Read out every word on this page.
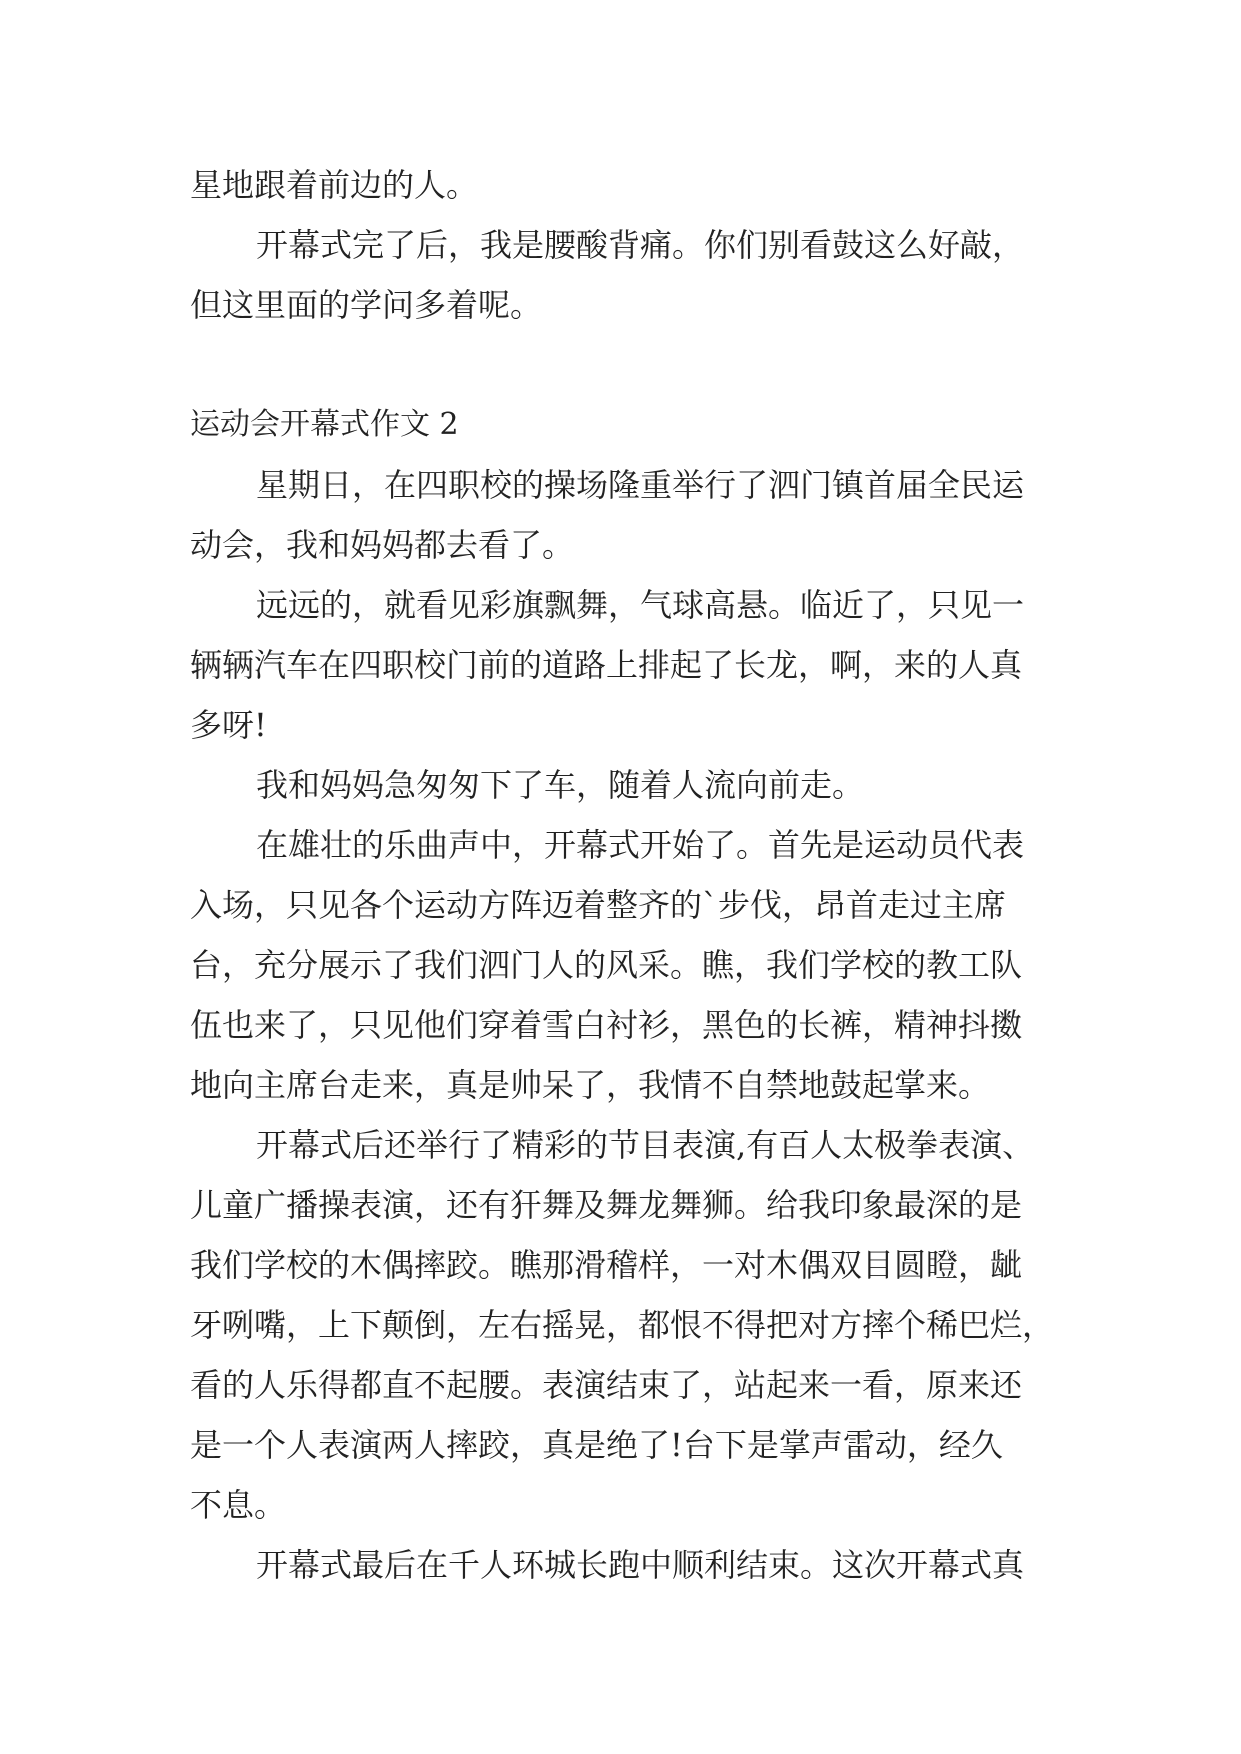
星地跟着前边的人。
开幕式完了后，我是腰酸背痛。你们别看鼓这么好敲，
但这里面的学问多着呢。
运动会开幕式作文 2
星期日，在四职校的操场隆重举行了泗门镇首届全民运
动会，我和妈妈都去看了。
远远的，就看见彩旗飘舞，气球高悬。临近了，只见一
辆辆汽车在四职校门前的道路上排起了长龙，啊，来的人真
多呀!
我和妈妈急匆匆下了车，随着人流向前走。
在雄壮的乐曲声中，开幕式开始了。首先是运动员代表
入场，只见各个运动方阵迈着整齐的`步伐，昂首走过主席
台，充分展示了我们泗门人的风采。瞧，我们学校的教工队
伍也来了，只见他们穿着雪白衬衫，黑色的长裤，精神抖擞
地向主席台走来，真是帅呆了，我情不自禁地鼓起掌来。
开幕式后还举行了精彩的节目表演,有百人太极拳表演、
儿童广播操表演，还有犴舞及舞龙舞狮。给我印象最深的是
我们学校的木偶摔跤。瞧那滑稽样，一对木偶双目圆瞪，龇
牙咧嘴，上下颠倒，左右摇晃，都恨不得把对方摔个稀巴烂，
看的人乐得都直不起腰。表演结束了，站起来一看，原来还
是一个人表演两人摔跤，真是绝了!台下是掌声雷动，经久
不息。
开幕式最后在千人环城长跑中顺利结束。这次开幕式真
